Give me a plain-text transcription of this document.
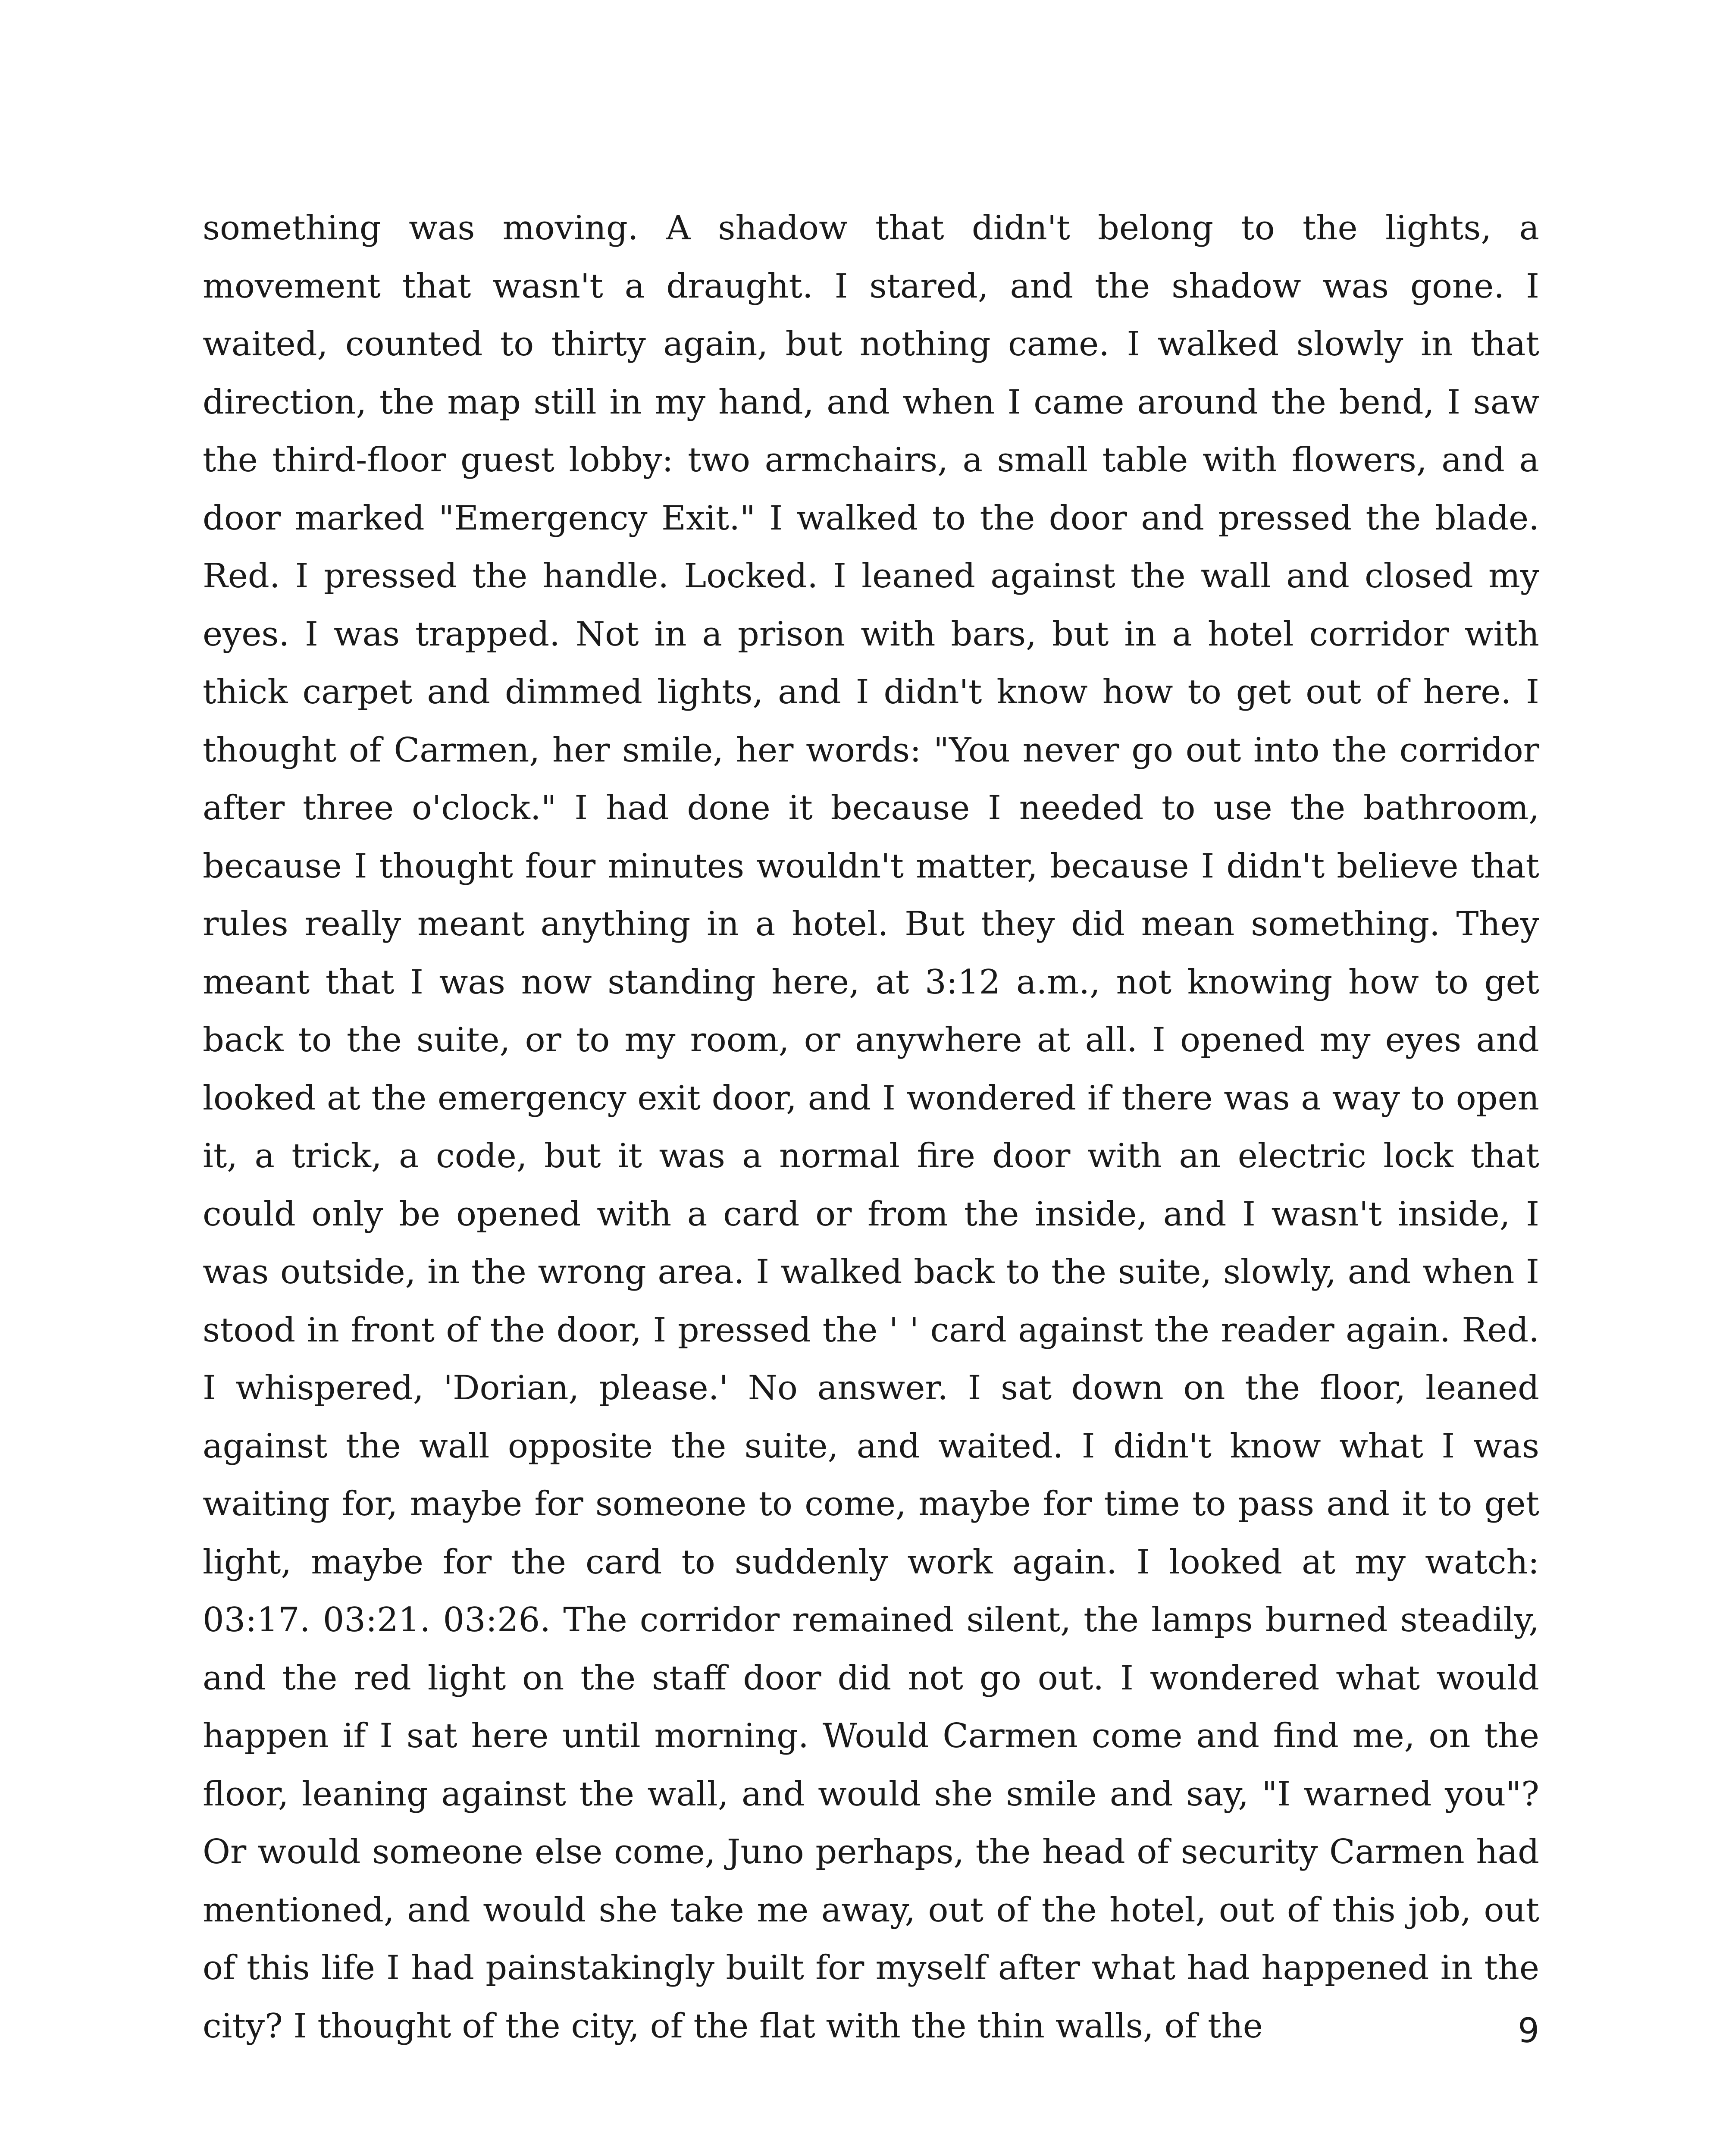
something was moving. A shadow that didn't belong to the lights, a movement that wasn't a draught. I stared, and the shadow was gone. I waited, counted to thirty again, but nothing came. I walked slowly in that direction, the map still in my hand, and when I came around the bend, I saw the third-floor guest lobby: two armchairs, a small table with flowers, and a door marked "Emergency Exit." I walked to the door and pressed the blade. Red. I pressed the handle. Locked. I leaned against the wall and closed my eyes. I was trapped. Not in a prison with bars, but in a hotel corridor with thick carpet and dimmed lights, and I didn't know how to get out of here. I thought of Carmen, her smile, her words: "You never go out into the corridor after three o'clock." I had done it because I needed to use the bathroom, because I thought four minutes wouldn't matter, because I didn't believe that rules really meant anything in a hotel. But they did mean something. They meant that I was now standing here, at 3:12 a.m., not knowing how to get back to the suite, or to my room, or anywhere at all. I opened my eyes and looked at the emergency exit door, and I wondered if there was a way to open it, a trick, a code, but it was a normal fire door with an electric lock that could only be opened with a card or from the inside, and I wasn't inside, I was outside, in the wrong area. I walked back to the suite, slowly, and when I stood in front of the door, I pressed the ' ' card against the reader again. Red. I whispered, 'Dorian, please.' No answer. I sat down on the floor, leaned against the wall opposite the suite, and waited. I didn't know what I was waiting for, maybe for someone to come, maybe for time to pass and it to get light, maybe for the card to suddenly work again. I looked at my watch: 03:17. 03:21. 03:26. The corridor remained silent, the lamps burned steadily, and the red light on the staff door did not go out. I wondered what would happen if I sat here until morning. Would Carmen come and find me, on the floor, leaning against the wall, and would she smile and say, "I warned you"? Or would someone else come, Juno perhaps, the head of security Carmen had mentioned, and would she take me away, out of the hotel, out of this job, out of this life I had painstakingly built for myself after what had happened in the city? I thought of the city, of the flat with the thin walls, of the	9
